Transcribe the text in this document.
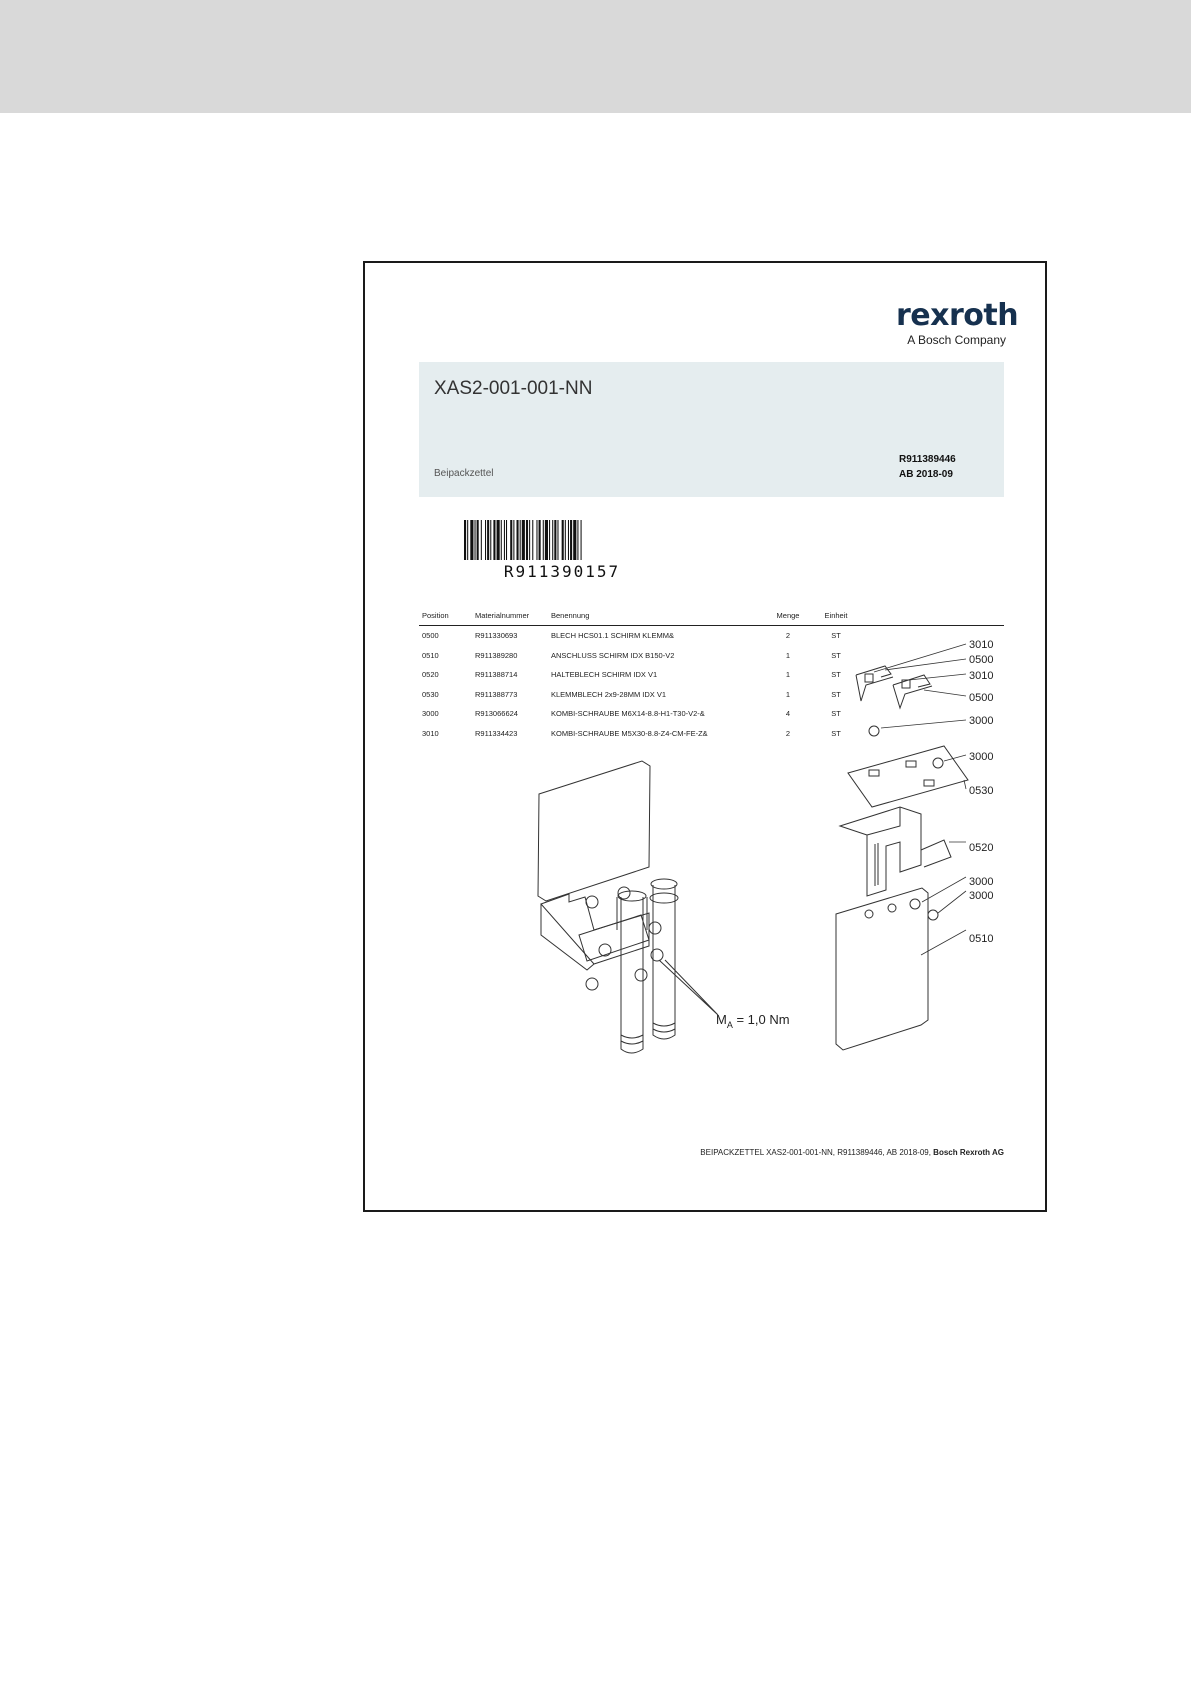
rexroth
A Bosch Company
XAS2-001-001-NN
Beipackzettel
R911389446
AB 2018-09
R911390157
Position	Materialnummer	Benennung	Menge	Einheit	
0500	R911330693	BLECH HCS01.1 SCHIRM KLEMM&	2	ST	
0510	R911389280	ANSCHLUSS SCHIRM IDX B150-V2	1	ST	
0520	R911388714	HALTEBLECH SCHIRM IDX V1	1	ST	
0530	R911388773	KLEMMBLECH 2x9-28MM IDX V1	1	ST	
3000	R913066624	KOMBI-SCHRAUBE M6X14-8.8-H1-T30-V2-&	4	ST	
3010	R911334423	KOMBI-SCHRAUBE M5X30-8.8-Z4-CM-FE-Z&	2	ST	
$M_A = 1,0$ Nm
3010
0500
3010
0500
3000
3000
0530
0520
3000
3000
0510
BEIPACKZETTEL XAS2-001-001-NN, R911389446, AB 2018-09, Bosch Rexroth AG
